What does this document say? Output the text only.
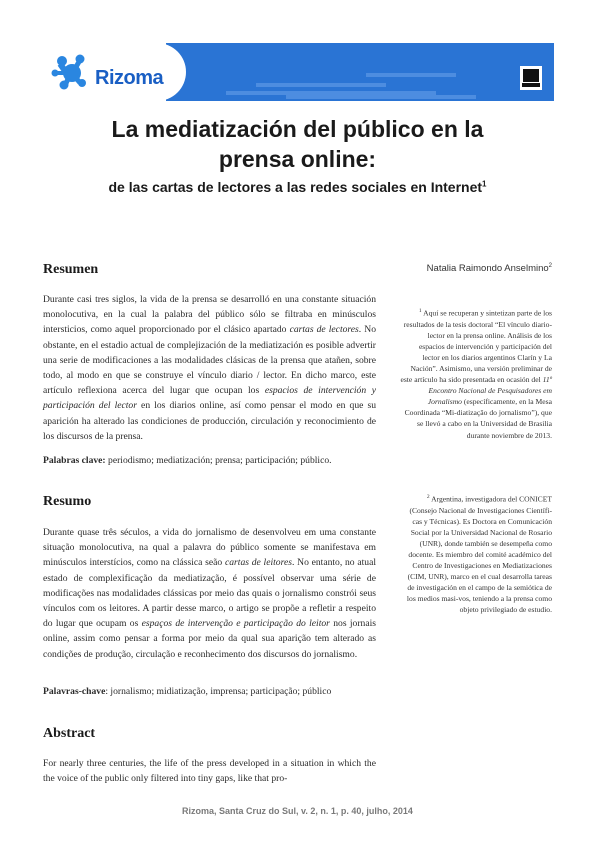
Rizoma
La mediatización del público en la
prensa online:
de las cartas de lectores a las redes sociales en Internet$^1$
Resumen
Durante casi tres siglos, la vida de la prensa se desarrolló en una constante situación monolocutiva, en la cual la palabra del público sólo se filtraba en minúsculos intersticios, como aquel proporcionado por el clásico apartado cartas de lectores. No obstante, en el estadio actual de complejización de la mediatización es posible advertir una serie de modificaciones a las modalidades clásicas de la prensa que atañen, sobre todo, al modo en que se construye el vínculo diario / lector. En dicho marco, este artículo reflexiona acerca del lugar que ocupan los espacios de intervención y participación del lector en los diarios online, así como pensar el modo en que su aparición ha alterado las condiciones de producción, circulación y reconocimiento de los discursos de la prensa.
Palabras clave: periodismo; mediatización; prensa; participación; público.
Resumo
Durante quase três séculos, a vida do jornalismo de desenvolveu em uma constante situação monolocutiva, na qual a palavra do público somente se manifestava em minúsculos interstícios, como na clássica seão cartas de leitores. No entanto, no atual estado de complexificação da mediatização, é possível observar uma série de modificações nas modalidades clássicas por meio das quais o jornalismo constrói seus vínculos com os leitores. A partir desse marco, o artigo se propõe a refletir a respeito do lugar que ocupam os espaços de intervenção e participação do leitor nos jornais online, assim como pensar a forma por meio da qual sua aparição tem alterado as condições de produção, circulação e reconhecimento dos discursos do jornalismo.
Palavras-chave: jornalismo; midiatização, imprensa; participação; público
Abstract
For nearly three centuries, the life of the press developed in a situation in which the the voice of the public only filtered into tiny gaps, like that pro-
Natalia Raimondo Anselmino$^2$
$^1$ Aquí se recuperan y sintetizan parte de los resultados de la tesis doctoral “El vínculo diario-lector en la prensa online. Análisis de los espacios de intervención y participación del lector en los diarios argentinos Clarín y La Nación”. Asimismo, una versión preliminar de este artículo ha sido presentada en ocasión del 11º Encontro Nacional de Pesquisadores em Jornalismo (específicamente, en la Mesa Coordinada “Mi-diatização do jornalismo”), que se llevó a cabo en la Universidad de Brasilia durante noviembre de 2013.
$^2$ Argentina, investigadora del CONICET (Consejo Nacional de Investigaciones Científi-cas y Técnicas). Es Doctora en Comunicación Social por la Universidad Nacional de Rosario (UNR), donde también se desempeña como docente. Es miembro del comité académico del Centro de Investigaciones en Mediatizaciones (CIM, UNR), marco en el cual desarrolla tareas de investigación en el campo de la semiótica de los medios masi-vos, teniendo a la prensa como objeto privilegiado de estudio.
Rizoma, Santa Cruz do Sul, v. 2, n. 1, p. 40, julho, 2014
